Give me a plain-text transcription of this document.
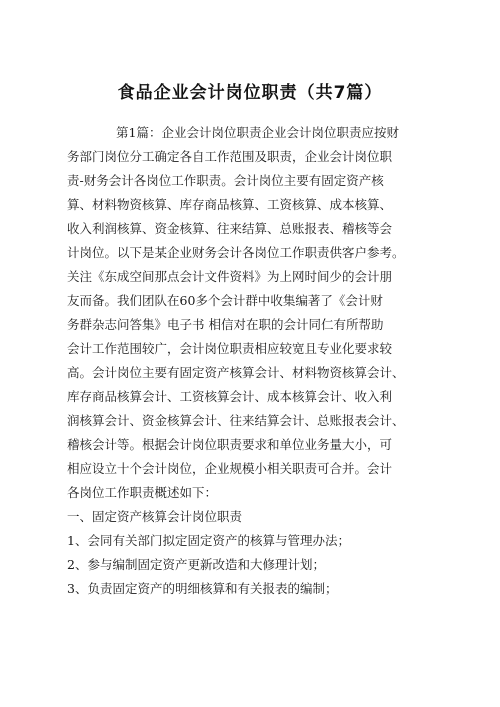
食品企业会计岗位职责（共7篇）
第1篇：企业会计岗位职责企业会计岗位职责应按财
务部门岗位分工确定各自工作范围及职责，企业会计岗位职
责-财务会计各岗位工作职责。会计岗位主要有固定资产核
算、材料物资核算、库存商品核算、工资核算、成本核算、
收入利润核算、资金核算、往来结算、总账报表、稽核等会
计岗位。以下是某企业财务会计各岗位工作职责供客户参考。
关注《东成空间那点会计文件资料》为上网时间少的会计朋
友而备。我们团队在60多个会计群中收集编著了《会计财
务群杂志问答集》电子书 相信对在职的会计同仁有所帮助
会计工作范围较广，会计岗位职责相应较宽且专业化要求较
高。会计岗位主要有固定资产核算会计、材料物资核算会计、
库存商品核算会计、工资核算会计、成本核算会计、收入利
润核算会计、资金核算会计、往来结算会计、总账报表会计、
稽核会计等。根据会计岗位职责要求和单位业务量大小，可
相应设立十个会计岗位，企业规模小相关职责可合并。会计
各岗位工作职责概述如下：
一、固定资产核算会计岗位职责
1、会同有关部门拟定固定资产的核算与管理办法；
2、参与编制固定资产更新改造和大修理计划；
3、负责固定资产的明细核算和有关报表的编制；
